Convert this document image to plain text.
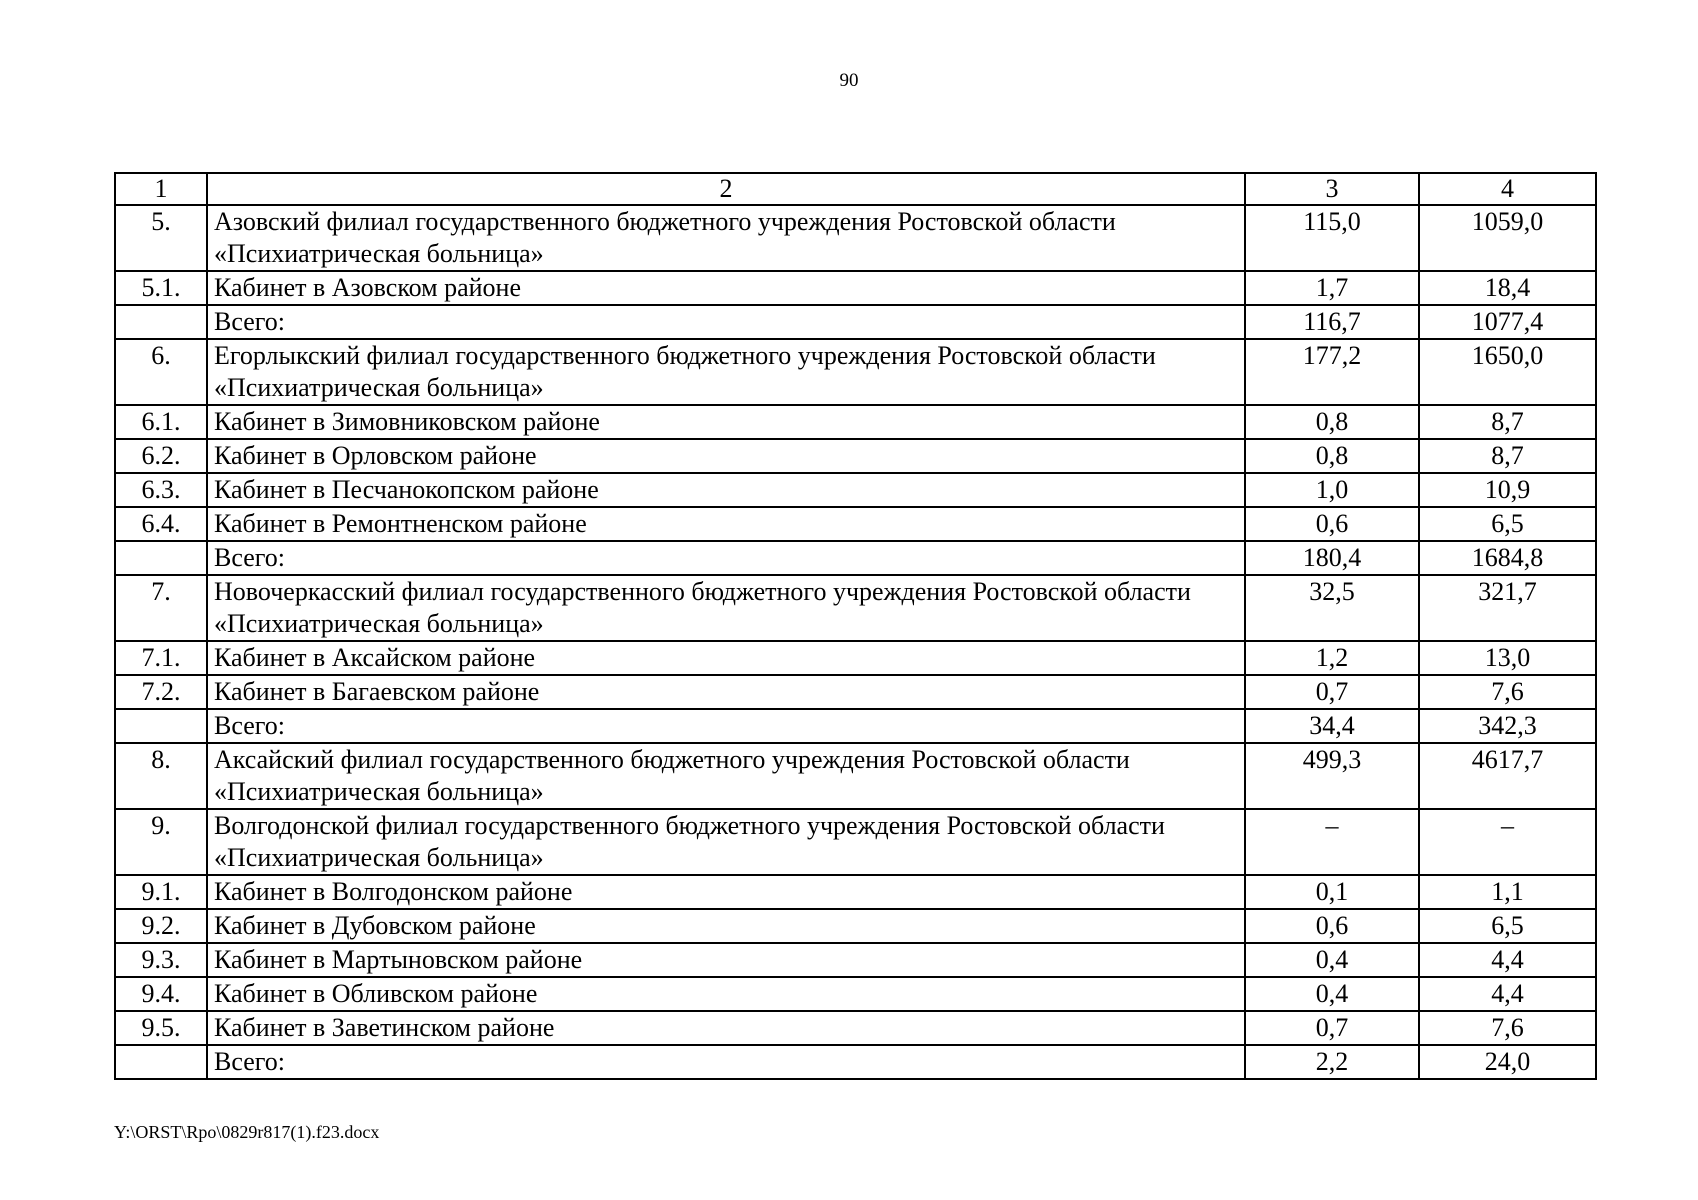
90
1	2	3	4
5.	Азовский филиал государственного бюджетного учреждения Ростовской области «Психиатрическая больница»	115,0	1059,0
5.1.	Кабинет в Азовском районе	1,7	18,4
	Всего:	116,7	1077,4
6.	Егорлыкский филиал государственного бюджетного учреждения Ростовской области «Психиатрическая больница»	177,2	1650,0
6.1.	Кабинет в Зимовниковском районе	0,8	8,7
6.2.	Кабинет в Орловском районе	0,8	8,7
6.3.	Кабинет в Песчанокопском районе	1,0	10,9
6.4.	Кабинет в Ремонтненском районе	0,6	6,5
	Всего:	180,4	1684,8
7.	Новочеркасский филиал государственного бюджетного учреждения Ростовской области «Психиатрическая больница»	32,5	321,7
7.1.	Кабинет в Аксайском районе	1,2	13,0
7.2.	Кабинет в Багаевском районе	0,7	7,6
	Всего:	34,4	342,3
8.	Аксайский филиал государственного бюджетного учреждения Ростовской области «Психиатрическая больница»	499,3	4617,7
9.	Волгодонской филиал государственного бюджетного учреждения Ростовской области «Психиатрическая больница»	–	–
9.1.	Кабинет в Волгодонском районе	0,1	1,1
9.2.	Кабинет в Дубовском районе	0,6	6,5
9.3.	Кабинет в Мартыновском районе	0,4	4,4
9.4.	Кабинет в Обливском районе	0,4	4,4
9.5.	Кабинет в Заветинском районе	0,7	7,6
	Всего:	2,2	24,0
Y:\ORST\Rpo\0829r817(1).f23.docx
